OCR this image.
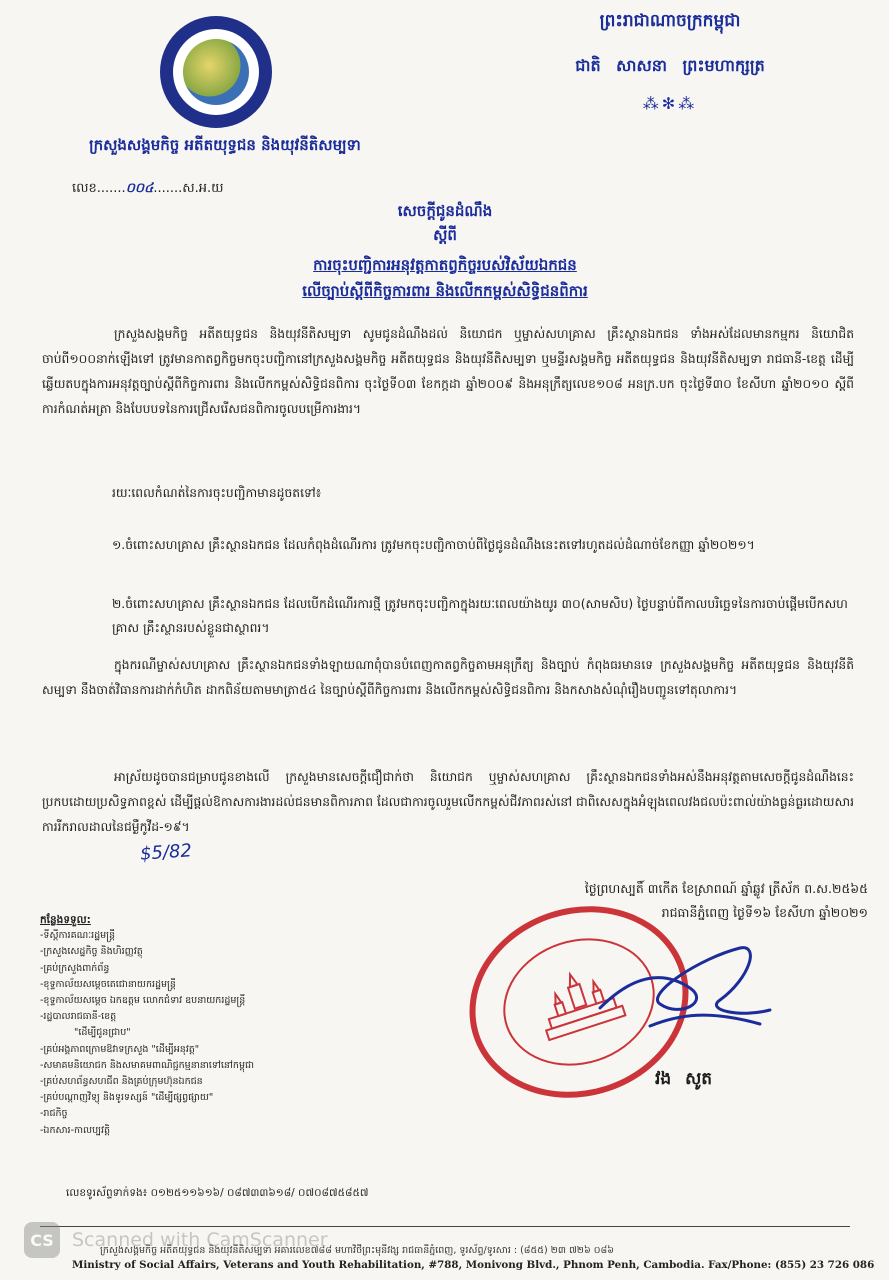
ក្រសួងសង្គមកិច្ច អតីតយុទ្ធជន និងយុវនីតិសម្បទា
ព្រះរាជាណាចក្រកម្ពុជា
ជាតិ សាសនា ព្រះមហាក្សត្រ
⁂✻⁂
លេខ.......០០៤.......ស.អ.យ
សេចក្តីជូនដំណឹង
ស្តីពី
ការចុះបញ្ជិការអនុវត្តកាតព្វកិច្ចរបស់វិស័យឯកជន
លើច្បាប់ស្តីពីកិច្ចការពារ និងលើកកម្ពស់សិទ្ធិជនពិការ
ក្រសួងសង្គមកិច្ច អតីតយុទ្ធជន និងយុវនីតិសម្បទា សូមជូនដំណឹងដល់ និយោជក ឬម្ចាស់សហគ្រាស គ្រឹះស្ថានឯកជន ទាំងអស់ដែលមានកម្មករ និយោជិតចាប់ពី១០០នាក់ឡើងទៅ ត្រូវមានកាតព្វកិច្ចមកចុះបញ្ជិកានៅក្រសួងសង្គមកិច្ច អតីតយុទ្ធជន និងយុវនីតិសម្បទា ឬមន្ទីរសង្គមកិច្ច អតីតយុទ្ធជន និងយុវនីតិសម្បទា រាជធានី-ខេត្ត ដើម្បីឆ្លើយតបក្នុងការអនុវត្តច្បាប់ស្តីពីកិច្ចការពារ និងលើកកម្ពស់សិទ្ធិជនពិការ ចុះថ្ងៃទី០៣ ខែកក្កដា ឆ្នាំ២០០៩ និងអនុក្រឹត្យលេខ១០៨ អនក្រ.បក ចុះថ្ងៃទី៣០ ខែសីហា ឆ្នាំ២០១០ ស្តីពីការកំណត់អត្រា និងបែបបទនៃការជ្រើសរើសជនពិការចូលបម្រើការងារ។
រយៈពេលកំណត់នៃការចុះបញ្ជិកាមានដូចតទៅ៖
១.ចំពោះសហគ្រាស គ្រឹះស្ថានឯកជន ដែលកំពុងដំណើរការ ត្រូវមកចុះបញ្ជិកាចាប់ពីថ្ងៃជូនដំណឹងនេះតទៅរហូតដល់ដំណាច់ខែកញ្ញា ឆ្នាំ២០២១។
២.ចំពោះសហគ្រាស គ្រឹះស្ថានឯកជន ដែលបើកដំណើរការថ្មី ត្រូវមកចុះបញ្ជិកាក្នុងរយៈពេលយ៉ាងយូរ ៣០(សាមសិប) ថ្ងៃបន្ទាប់ពីកាលបរិច្ឆេទនៃការចាប់ផ្តើមបើកសហគ្រាស គ្រឹះស្ថានរបស់ខ្លួនជាស្ថាពរ។
ក្នុងករណីម្ចាស់សហគ្រាស គ្រឹះស្ថានឯកជនទាំងឡាយណាពុំបានបំពេញកាតព្វកិច្ចតាមអនុក្រឹត្យ និងច្បាប់ កំពុងធរមានទេ ក្រសួងសង្គមកិច្ច អតីតយុទ្ធជន និងយុវនីតិសម្បទា នឹងចាត់វិធានការដាក់កំហិត ដាកពិន័យតាមមាត្រា៥៤ នៃច្បាប់ស្តីពីកិច្ចការពារ និងលើកកម្ពស់សិទ្ធិជនពិការ និងកសាងសំណុំរឿងបញ្ជូនទៅតុលាការ។
អាស្រ័យដូចបានជម្រាបជូនខាងលើ ក្រសួងមានសេចក្តីជឿជាក់ថា និយោជក ឬម្ចាស់សហគ្រាស គ្រឹះស្ថានឯកជនទាំងអស់នឹងអនុវត្តតាមសេចក្តីជូនដំណឹងនេះប្រកបដោយប្រសិទ្ធភាពខ្ពស់ ដើម្បីផ្តល់ឱកាសការងារដល់ជនមានពិការភាព ដែលជាការចូលរួមលើកកម្ពស់ជីវភាពរស់នៅ ជាពិសេសក្នុងអំឡុងពេលវងជលប៉ះពាល់យ៉ាងធ្ងន់ធ្ងរដោយសារការរីករាលដាលនៃជម្ងឺកូវីដ-១៩។
$5/82
ថ្ងៃព្រហស្បតិ៍ ៣កើត ខែស្រាពណ៍ ឆ្នាំឆ្លូវ ត្រីស័ក ព.ស.២៥៦៥
រាជធានីភ្នំពេញ ថ្ងៃទី១៦ ខែសីហា ឆ្នាំ២០២១
កន្លែងទទួល:
-ទីស្តីការគណៈរដ្ឋមន្ត្រី
-ក្រសួងសេដ្ឋកិច្ច និងហិរញ្ញវត្ថុ
-គ្រប់ក្រសួងពាក់ព័ន្ធ
-ខុទ្ទកាល័យសម្តេចតេជោនាយករដ្ឋមន្ត្រី
-ខុទ្ទកាល័យសម្តេច ឯកឧត្តម លោកជំទាវ ឧបនាយករដ្ឋមន្ត្រី
-រដ្ឋបាលរាជធានី-ខេត្ត
"ដើម្បីជូនជ្រាប"
-គ្រប់អង្គភាពក្រោមឱវាទក្រសួង "ដើម្បីអនុវត្ត"
-សមាគមនិយោជក និងសមាគមពាណិជ្ជកម្មនានាទៅនៅកម្ពុជា
-គ្រប់សហព័ន្ធសហជីព និងគ្រប់ក្រុមហ៊ុនឯកជន
-គ្រប់បណ្តាញវិទ្យុ និងទូរទស្សន៍ "ដើម្បីផ្សព្វផ្សាយ"
-រាជកិច្ច
-ឯកសារ-កាលប្បវត្តិ
វង សូត
លេខទូរស័ព្ទទាក់ទង៖ ០១២៥១១៦១៦/ ០៨៧៣៣៦១៨/ ០៧០៨៧៥៨៥៧
ក្រសួងសង្គមកិច្ច អតីតយុទ្ធជន និងយុវនីតិសម្បទា អគារលេខ៧៨៨ មហាវិថីព្រះមុនីវង្ស រាជធានីភ្នំពេញ, ទូរស័ព្ទ/ទូរសារ : (៨៥៥) ២៣ ៧២៦ ០៨៦
Ministry of Social Affairs, Veterans and Youth Rehabilitation, #788, Monivong Blvd., Phnom Penh, Cambodia. Fax/Phone: (855) 23 726 086
CS Scanned with CamScanner
